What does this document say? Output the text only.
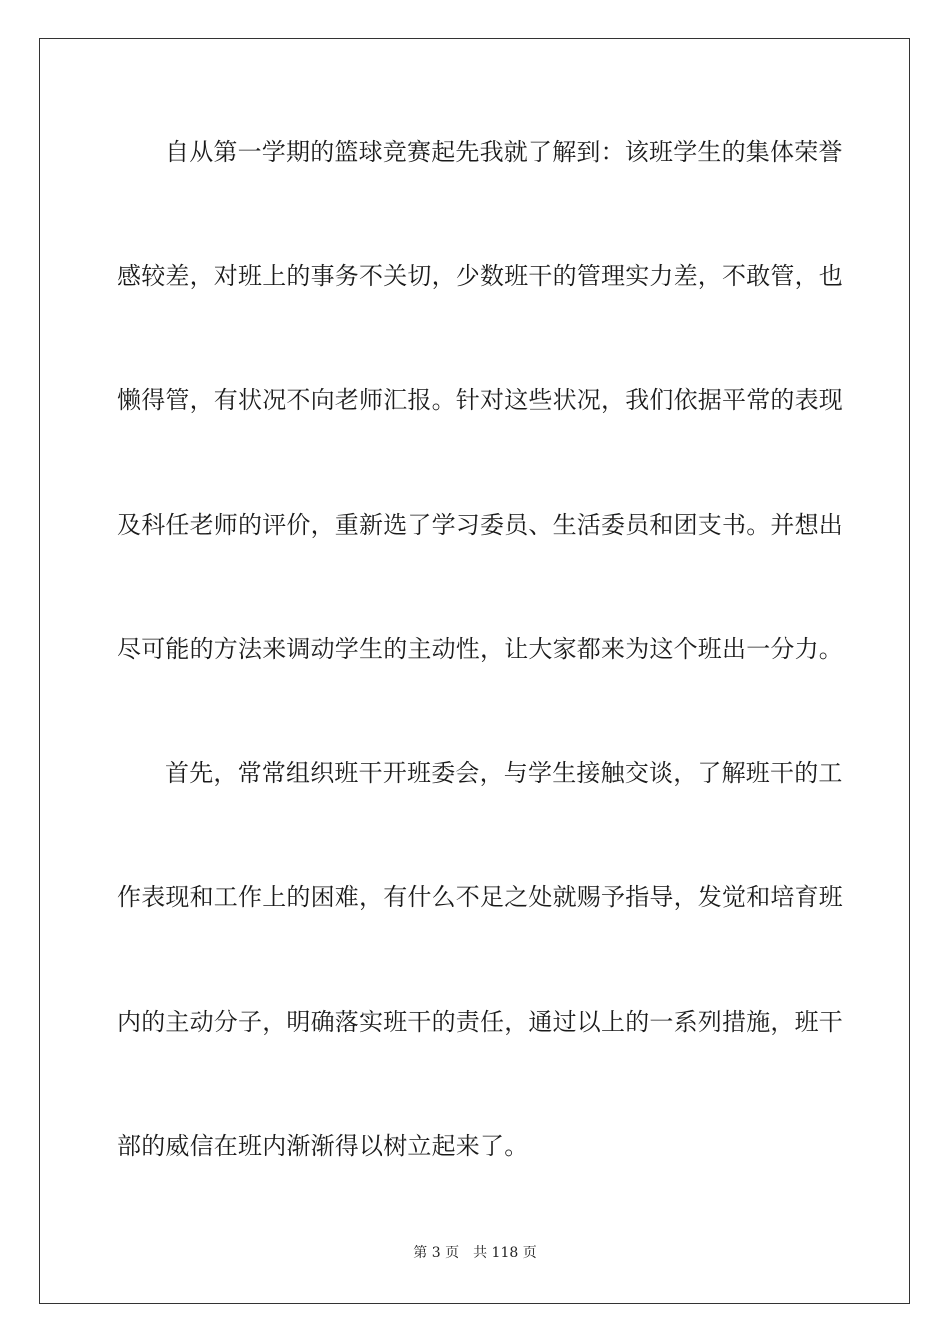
自从第一学期的篮球竞赛起先我就了解到：该班学生的集体荣誉
感较差，对班上的事务不关切，少数班干的管理实力差，不敢管，也
懒得管，有状况不向老师汇报。针对这些状况，我们依据平常的表现
及科任老师的评价，重新选了学习委员、生活委员和团支书。并想出
尽可能的方法来调动学生的主动性，让大家都来为这个班出一分力。
首先，常常组织班干开班委会，与学生接触交谈，了解班干的工
作表现和工作上的困难，有什么不足之处就赐予指导，发觉和培育班
内的主动分子，明确落实班干的责任，通过以上的一系列措施，班干
部的威信在班内渐渐得以树立起来了。
第 3 页 共 118 页
